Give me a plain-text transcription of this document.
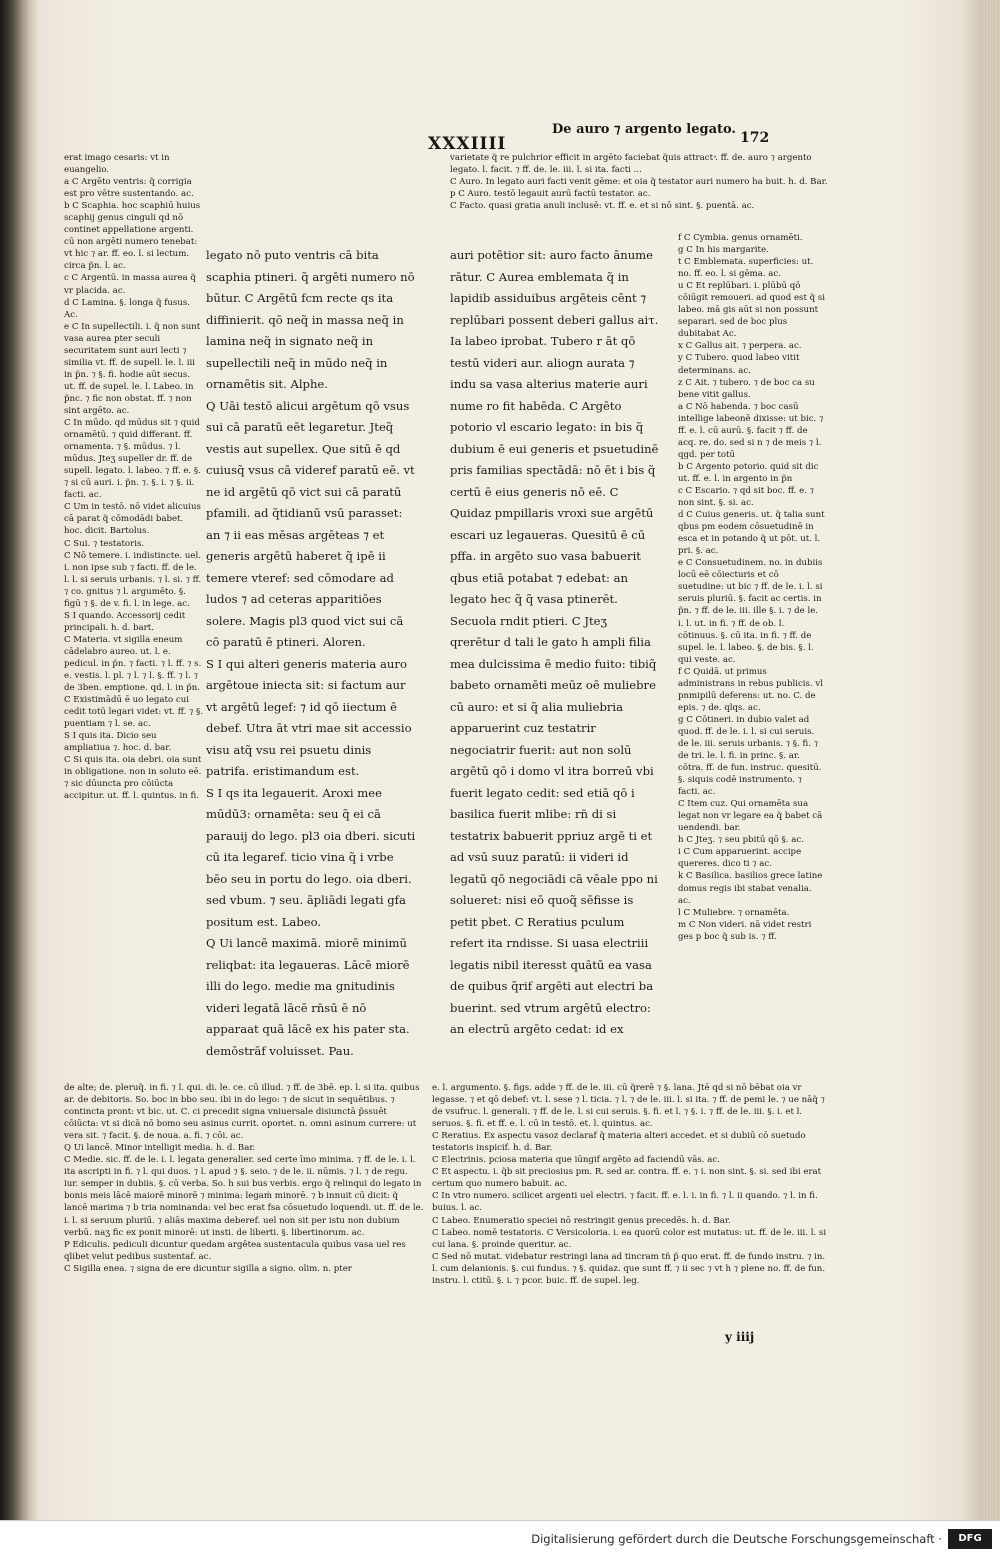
XXXIIII
De auro ⁊ argento legato.
172
varietate q̃ re pulchrior efficit in argēto faciebat q̃uis attract ͤ. ff. de. auro ⁊ argento legato. l. facit. ⁊ ff. de. le. iii. l. si ita. facti ...
C Auro. In legato auri facti venit gēme: et oia q̃ testator auri numero ha buit. h. d. Bar. p C Auro. testō legauit aurū factū testator. ac.
C Facto. quasi gratia anuli inclusē: vt. ff. e. et si nō sint. §. puentā. ac.
erat imago cesaris: vt in euangelio.
a C Argēto ventris: q̃ corrigia est pro vētre sustentando. ac.
b C Scaphia. hoc scaphiū huius scaphij genus cinguli qd nō continet appellatione argenti. cū non argēti numero tenebat: vt hic ⁊ ar. ff. eo. l. si lectum. circa p̃n. l. ac.
c C Argentū. in massa aurea q̃ vr placida. ac.
d C Lamina. §. longa q̃ fusus. Ac.
e C In supellectili. i. q̃ non sunt vasa aurea pter seculi securitatem sunt auri lecti ⁊ similia vt. ff. de supell. le. l. iii in p̃n. ⁊ §. fi. hodie aūt secus. ut. ff. de supel. le. l. Labeo. in p̃nc. ⁊ fic non obstat. ff. ⁊ non sint argēto. ac.
C In mūdo. qd mūdus sit ⁊ quid ornamētū. ⁊ quid differant. ff. ornamenta. ⁊ §. mūdus. ⁊ l. mūdus. Jteʒ supeller dr. ff. de supell. legato. l. labeo. ⁊ ff. e. §. ⁊ si cū auri. i. p̃n. ⁊. §. i. ⁊ §. ii. facti. ac.
C Um in testō. nō videt alicuius cā parat q̃ cōmodādi babet. hoc. dicit. Bartolus.
C Sui. ⁊ testatoris.
C Nō temere. i. indistincte. uel. i. non ipse sub ⁊ facti. ff. de le. l. l. si seruis urbanis. ⁊ l. si. ⁊ ff. ⁊ co. gnitus ⁊ l. argumēto. §. figū ⁊ §. de v. fi. l. in lege. ac.
S I quando. Accessorij cedit principali. h. d. bart.
C Materia. vt sigilla eneum cādelabro aureo. ut. l. e. pedicul. in p̃n. ⁊ facti. ⁊ l. ff. ⁊ s. e. vestis. l. pl. ⁊ l. ⁊ l. §. ff. ⁊ l. ⁊ de 3ben. emptione. qd. l. in p̃n.
C Existimādū ē uo legato cui cedit totū legari videt: vt. ff. ⁊ §. puentiam ⁊ l. se. ac.
S I quis ita. Dicio seu ampliatiua ⁊. hoc. d. bar.
C Si quis ita. oia debri. oia sunt in obligatione. non in soluto eē. ⁊ sic dūuncta pro cōiūcta accipitur. ut. ff. l. quintus. in fi.
legato nō puto ventris cā bita scaphia ptineri. q̃ argēti numero nō būtur. C Argētū fcm recte qs ita diffinierit. qō neq̃ in massa neq̃ in lamina neq̃ in signato neq̃ in supellectili neq̃ in mūdo neq̃ in ornamētis sit. Alphe.
Q Uāi testō alicui argētum qō vsus sui cā paratū eēt legaretur. Jteq̃ vestis aut supellex. Que sitū ē qd cuiusq̃ vsus cā videref paratū eē. vt ne id argētū qō vict sui cā paratū pfamili. ad q̃tidianū vsū parasset: an ⁊ ii eas mēsas argēteas ⁊ et generis argētū haberet q̃ ipē ii temere vteref: sed cōmodare ad ludos ⁊ ad ceteras apparitiōes solere. Magis pl3 quod vict sui cā cō paratū ē ptineri. Aloren.
S I qui alteri generis materia auro argētoue iniecta sit: si factum aur vt argētū legef: ⁊ id qō iiectum ē debef. Utra āt vtri mae sit accessio visu atq̃ vsu rei psuetu dinis patrifa. eristimandum est.
S I qs ita legauerit. Aroxi mee mūdū3: ornamēta: seu q̃ ei cā parauij do lego. pl3 oia dberi. sicuti cū ita legaref. ticio vina q̃ i vrbe bēo seu in portu do lego. oia dberi. sed vbum. ⁊ seu. āpliādi legati gfa positum est. Labeo.
Q Ui lancē maximā. miorē minimū reliqbat: ita legaueras. Lācē miorē illi do lego. medie ma gnitudinis videri legatā lācē rn̄sū ē nō apparaat quā lācē ex his pater sta. demōstrāf voluisset. Pau.

auri potētior sit: auro facto ānume rātur. C Aurea emblemata q̃ in lapidib assiduibus argēteis cēnt ⁊ replūbari possent deberi gallus aiτ. Ia labeo iprobat. Tubero r āt qō testū videri aur. aliogn aurata ⁊ indu sa vasa alterius materie auri nume ro fit habēda. C Argēto potorio vl escario legato: in bis q̃ dubium ē eui generis et psuetudinē pris familias spectādā: nō ēt i bis q̃ certū ē eius generis nō eē. C Quidaz pmpillaris vroxi sue argētū escari uz legaueras. Quesitū ē cū pffa. in argēto suo vasa babuerit qbus etiā potabat ⁊ edebat: an legato hec q̃ q̃ vasa ptinerēt. Secuola rndit ptieri. C Jteʒ qrerētur d tali le gato h ampli filia mea dulcissima ē medio fuito: tibiq̃ babeto ornamēti meūz oē muliebre cū auro: et si q̃ alia muliebria apparuerint cuz testatrir negociatrir fuerit: aut non solū argētū qō i domo vl itra borreū vbi fuerit legato cedit: sed etiā qō i basilica fuerit mlibe: rn̄ di si testatrix babuerit ppriuz argē ti et ad vsū suuz paratū: ii videri id legatū qō negociādi cā vēale ppo ni solueret: nisi eō quoq̃ sēfisse is petit pbet. C Reratius pculum refert ita rndisse. Si uasa electriii legatis nibil iteresst quātū ea vasa de quibus q̃rif argēti aut electri ba buerint. sed vtrum argētū electro: an electrū argēto cedat: id ex
f C Cymbia. genus ornamēti.
g C In his margarite.
t C Emblemata. superficies: ut. no. ff. eo. l. si gēma. ac.
u C Et replūbari. i. plūbū qō cōiūgit remoueri. ad quod est q̃ si labeo. mā gis aūt si non possunt separari. sed de boc plus dubitabat Ac.
x C Gallus ait. ⁊ perpera. ac.
y C Tubero. quod labeo vitit determinans. ac.
z C Ait. ⁊ tubero. ⁊ de boc ca su bene vitit gallus.
a C Nō habenda. ⁊ boc casū intellige labeonē dixisse: ut bic. ⁊ ff. e. l. cū aurū. §. facit ⁊ ff. de acq. re. do. sed si n ⁊ de meis ⁊ l. qgd. per totū
b C Argento potorio. quid sit dic ut. ff. e. l. in argento in p̃n
c C Escario. ⁊ qd sit boc. ff. e. ⁊ non sint. §. si. ac.
d C Cuius generis. ut. q̃ talia sunt qbus pm eodem cōsuetudinē in esca et in potando q̃ ut pōt. ut. l. pri. §. ac.
e C Consuetudinem. no. in dubiis locū eē cōiecturis et cō suetudine: ut bic ⁊ ff. de le. i. l. si seruis pluriū. §. facit ac certis. in p̃n. ⁊ ff. de le. iii. ille §. i. ⁊ de le. i. l. ut. in fi. ⁊ ff. de ob. l. cōtinuus. §. cū ita. in fi. ⁊ ff. de supel. le. l. labeo. §. de bis. §. l. qui veste. ac.
f C Quidā. ut primus administrans in rebus publicis. vl pnmipilū deferens: ut. no. C. de epis. ⁊ de. qlqs. ac.
g C Cōtineri. in dubio valet ad quod. ff. de le. i. l. si cui seruis. de le. iii. seruis urbanis. ⁊ §. fi. ⁊ de tri. le. l. fi. in princ. §. ar. cōtra. ff. de fun. instruc. quesitū. §. siquis codē instrumento. ⁊ facti. ac.
C Item cuz. Qui ornamēta sua legat non vr legare ea q̃ babet cā uendendi. bar.
h C Jteʒ. ⁊ seu pbitū qō §. ac.
i C Cum apparuerint. accipe quereres. dico ti ⁊ ac.
k C Basilica. basilios grece latine domus regis ibi stabat venalia. ac.
l C Muliebre. ⁊ ornamēta.
m C Non videri. nā videt restri ges p boc q̃ sub is. ⁊ ff.
de alte; de. pleruq̃. in fi. ⁊ l. qui. di. le. ce. cū illud. ⁊ ff. de 3bē. ep. l. si ita. quibus ar. de debitoris. So. boc in bbo seu. ibi in do lego: ⁊ de sicut in sequētibus. ⁊ contincta pront: vt bic. ut. C. ci precedit signa vniuersale disiunctā p̃ssuēt cōiūcta: vt si dicā nō bomo seu asinus currit. oportet. n. omni asinum currere: ut vera sit. ⁊ facit. §. de noua. a. fi. ⁊ cōi. ac.
Q Ui lancē. Minor intelligit media. h. d. Bar.
C Medie. sic. ff. de le. i. l. legata generalier. sed certe īmo minima. ⁊ ff. de le. i. l. ita ascripti in fi. ⁊ l. qui duos. ⁊ l. apud ⁊ §. seio. ⁊ de le. ii. nūmis. ⁊ l. ⁊ de regu. iur. semper in dubiis. §. cū verba. So. h sui bus verbis. ergo q̃ relinqui do legato in bonis meis lācē maiorē minorē ⁊ minima: legaṁ minorē. ⁊ b innuit cū dicit: q̃ lancē marima ⁊ b tria nominanda: vel bec erat fsa cōsuetudo loquendi. ut. ff. de le. i. l. si seruum pluriū. ⁊ aliās maxima deberef. uel non sit per istu non dubium verbū. naʒ fic ex ponit minorē: ut insti. de liberti. §. libertinorum. ac.
P Ediculis. pediculi dicuntur quedam argētea sustentacula quibus vasa uel res qlibet velut pedibus sustentaf. ac.
C Sigilla enea. ⁊ signa de ere dicuntur sigilla a signo. olim. n. pter
e. l. argumento. §. figs. adde ⁊ ff. de le. iii. cū q̃rerē ⁊ §. lana. Jtē qd si nō bēbat oia vr legasse. ⁊ et qō debef: vt. l. sese ⁊ l. ticia. ⁊ l. ⁊ de le. iii. l. si ita. ⁊ ff. de pemi le. ⁊ ue nāq̃ ⁊ de vsufruc. l. generali. ⁊ ff. de le. l. si cui seruis. §. fi. et l. ⁊ §. i. ⁊ ff. de le. iii. §. i. et l. seruos. §. fi. et ff. e. l. cū in testō. et. l. quintus. ac.
C Reratius. Ex aspectu vasoz declaraf q̃ materia alteri accedet. et si dubiū cō suetudo testatoris inspicif. h. d. Bar.
C Electrinis. pciosa materia que iūngif argēto ad faciendū vās. ac.
C Et aspectu. i. q̃b sit preciosius pm. R. sed ar. contra. ff. e. ⁊ i. non sint. §. si. sed ibi erat certum quo numero babuit. ac.
C In vtro numero. scilicet argenti uel electri. ⁊ facit. ff. e. l. i. in fi. ⁊ l. ii quando. ⁊ l. in fi. buius. l. ac.
C Labeo. Enumeratio speciei nō restringit genus precedēs. h. d. Bar.
C Labeo. nomē testatoris. C Versicoloria. i. ea quorū color est mutatus: ut. ff. de le. iii. l. si cui lana. §. proinde queritur. ac.
C Sed nō mutat. videbatur restringi lana ad tincram tñ p̃ quo erat. ff. de fundo instru. ⁊ in. l. cum delanionis. §. cui fundus. ⁊ §. quidaz. que sunt ff. ⁊ ii sec ⁊ vt h ⁊ plene no. ff. de fun. instru. l. ctitū. §. i. ⁊ pcor. buic. ff. de supel. leg.
y iiij
Digitalisierung gefördert durch die Deutsche Forschungsgemeinschaft ·	DFG
